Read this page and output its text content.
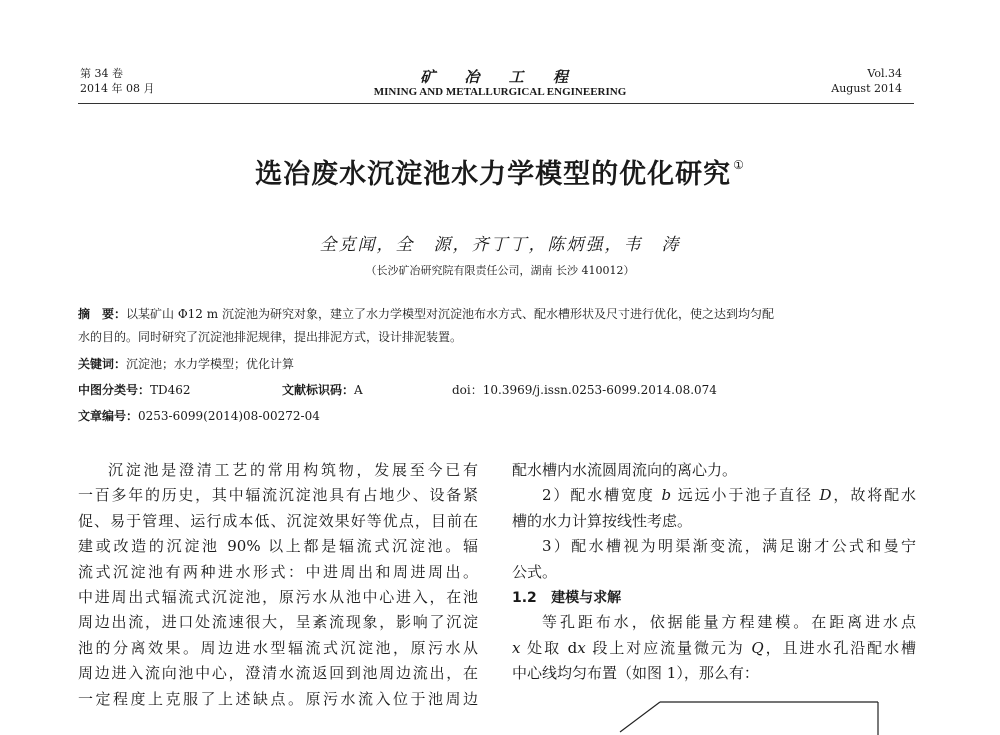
第 34 卷
2014 年 08 月
矿 冶 工 程
MINING AND METALLURGICAL ENGINEERING
Vol.34
August 2014
选冶废水沉淀池水力学模型的优化研究 ①
全克闻，全　源，齐丁丁，陈炳强，韦　涛
（长沙矿冶研究院有限责任公司，湖南 长沙 410012）
摘　要：以某矿山 Φ12 m 沉淀池为研究对象，建立了水力学模型对沉淀池布水方式、配水槽形状及尺寸进行优化，使之达到均匀配
水的目的。同时研究了沉淀池排泥规律，提出排泥方式，设计排泥装置。
关键词：沉淀池；水力学模型；优化计算
中图分类号：TD462	文献标识码：A	doi：10.3969/j.issn.0253-6099.2014.08.074
文章编号：0253-6099(2014)08-00272-04
沉淀池是澄清工艺的常用构筑物，发展至今已有
一百多年的历史，其中辐流沉淀池具有占地少、设备紧
促、易于管理、运行成本低、沉淀效果好等优点，目前在
建或改造的沉淀池 90% 以上都是辐流式沉淀池。辐
流式沉淀池有两种进水形式：中进周出和周进周出。
中进周出式辐流式沉淀池，原污水从池中心进入，在池
周边出流，进口处流速很大，呈紊流现象，影响了沉淀
池的分离效果。周边进水型辐流式沉淀池，原污水从
周边进入流向池中心，澄清水流返回到池周边流出，在
一定程度上克服了上述缺点。原污水流入位于池周边
配水槽内水流圆周流向的离心力。
2）配水槽宽度 b 远远小于池子直径 D，故将配水
槽的水力计算按线性考虑。
3）配水槽视为明渠渐变流，满足谢才公式和曼宁
公式。
1.2 建模与求解
等孔距布水，依据能量方程建模。在距离进水点
x 处取 dx 段上对应流量微元为 Q，且进水孔沿配水槽
中心线均匀布置（如图 1），那么有：
